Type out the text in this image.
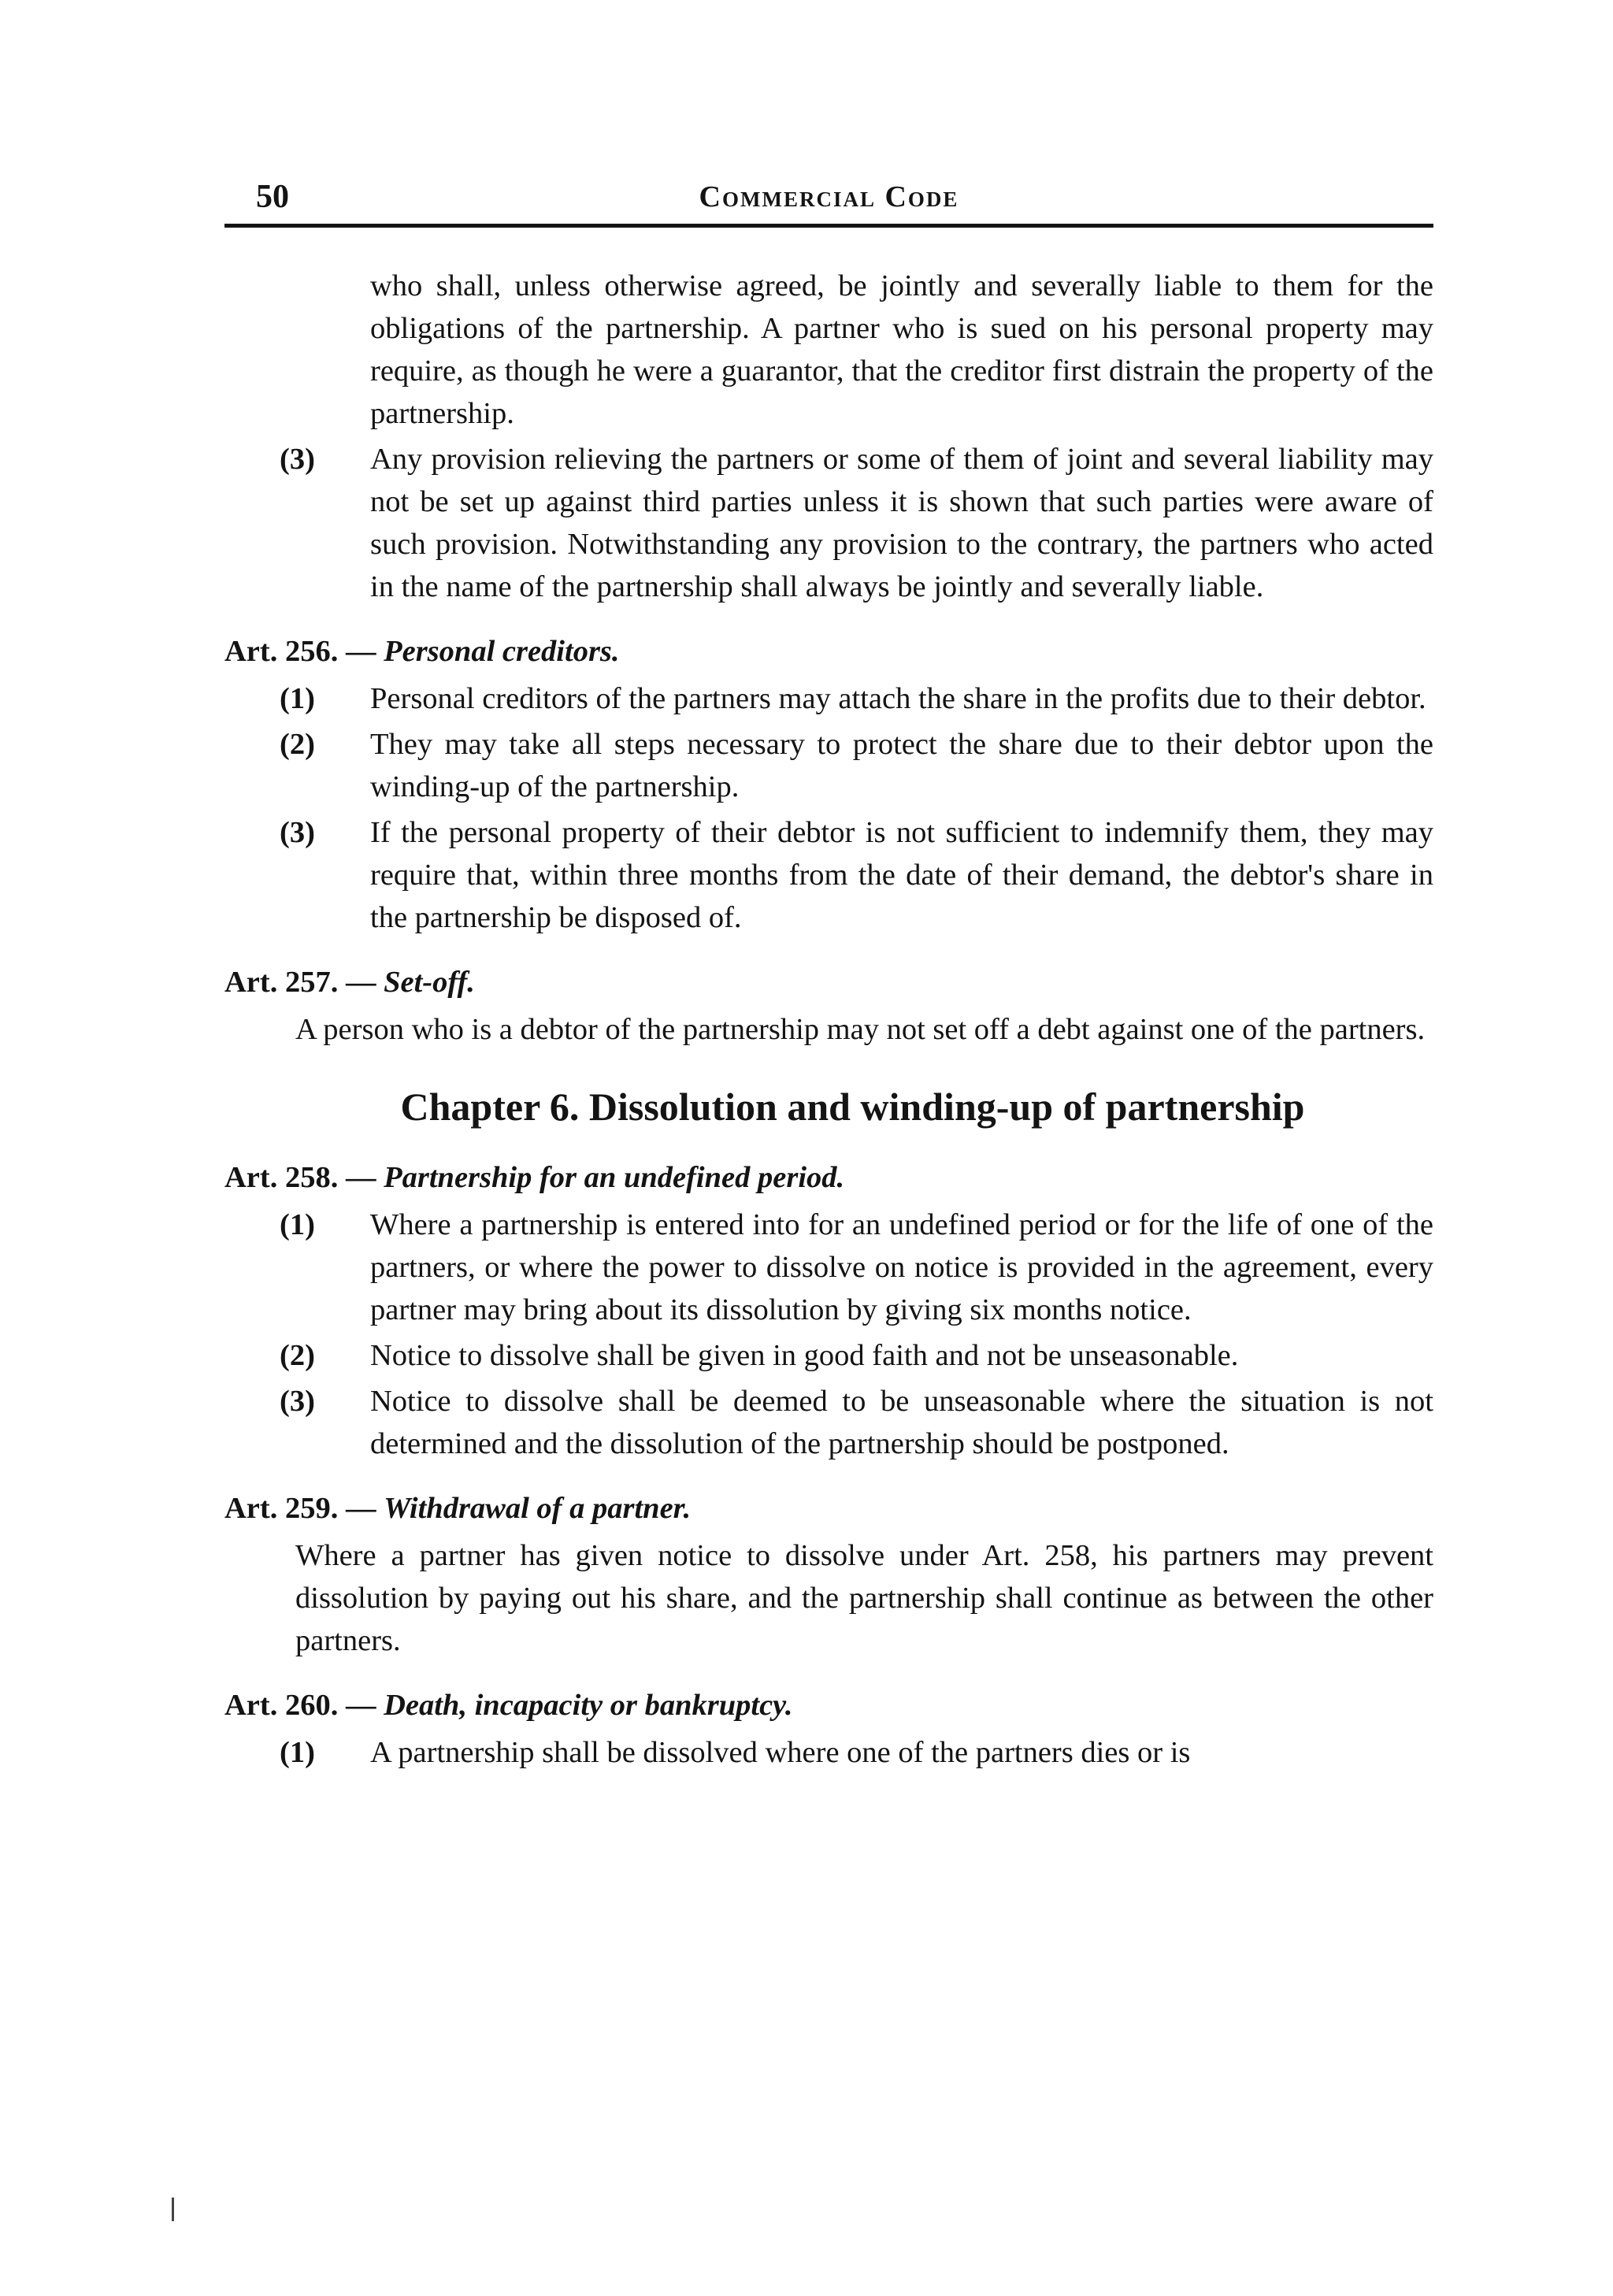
50	Commercial Code

who shall, unless otherwise agreed, be jointly and severally liable to them for the obligations of the partnership. A partner who is sued on his personal property may require, as though he were a guarantor, that the creditor first distrain the property of the partnership.

(3) Any provision relieving the partners or some of them of joint and several liability may not be set up against third parties unless it is shown that such parties were aware of such provision. Notwithstanding any provision to the contrary, the partners who acted in the name of the partnership shall always be jointly and severally liable.

Art. 256. — Personal creditors.
(1) Personal creditors of the partners may attach the share in the profits due to their debtor.

(2) They may take all steps necessary to protect the share due to their debtor upon the winding-up of the partnership.

(3) If the personal property of their debtor is not sufficient to indemnify them, they may require that, within three months from the date of their demand, the debtor's share in the partnership be disposed of.

Art. 257. — Set-off.

A person who is a debtor of the partnership may not set off a debt against one of the partners.

Chapter 6. Dissolution and winding-up of partnership
Art. 258. — Partnership for an undefined period.
(1) Where a partnership is entered into for an undefined period or for the life of one of the partners, or where the power to dissolve on notice is provided in the agreement, every partner may bring about its dissolution by giving six months notice.

(2) Notice to dissolve shall be given in good faith and not be unseasonable.

(3) Notice to dissolve shall be deemed to be unseasonable where the situation is not determined and the dissolution of the partnership should be postponed.

Art. 259. — Withdrawal of a partner.

Where a partner has given notice to dissolve under Art. 258, his partners may prevent dissolution by paying out his share, and the partnership shall continue as between the other partners.

Art. 260. — Death, incapacity or bankruptcy.
(1) A partnership shall be dissolved where one of the partners dies or is
